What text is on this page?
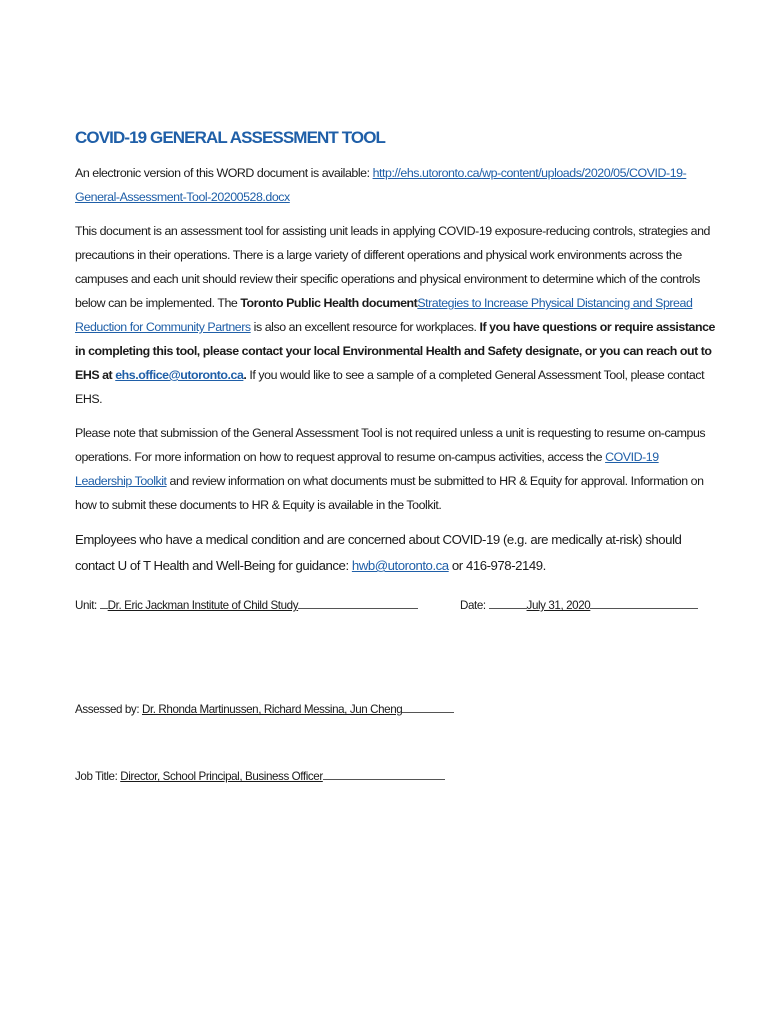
COVID-19 GENERAL ASSESSMENT TOOL

An electronic version of this WORD document is available: http://ehs.utoronto.ca/wp-content/uploads/2020/05/COVID-19-General-Assessment-Tool-20200528.docx

This document is an assessment tool for assisting unit leads in applying COVID-19 exposure-reducing controls, strategies and precautions in their operations. There is a large variety of different operations and physical work environments across the campuses and each unit should review their specific operations and physical environment to determine which of the controls below can be implemented. The Toronto Public Health documentStrategies to Increase Physical Distancing and Spread Reduction for Community Partners is also an excellent resource for workplaces. If you have questions or require assistance in completing this tool, please contact your local Environmental Health and Safety designate, or you can reach out to EHS at ehs.office@utoronto.ca. If you would like to see a sample of a completed General Assessment Tool, please contact EHS.

Please note that submission of the General Assessment Tool is not required unless a unit is requesting to resume on-campus operations. For more information on how to request approval to resume on-campus activities, access the COVID-19 Leadership Toolkit and review information on what documents must be submitted to HR & Equity for approval. Information on how to submit these documents to HR & Equity is available in the Toolkit.

Employees who have a medical condition and are concerned about COVID-19 (e.g. are medically at-risk) should contact U of T Health and Well-Being for guidance: hwb@utoronto.ca or 416-978-2149.

Unit: Dr. Eric Jackman Institute of Child Study	Date:	July 31, 2020
Assessed by: Dr. Rhonda Martinussen, Richard Messina, Jun Cheng
Job Title: Director, School Principal, Business Officer
